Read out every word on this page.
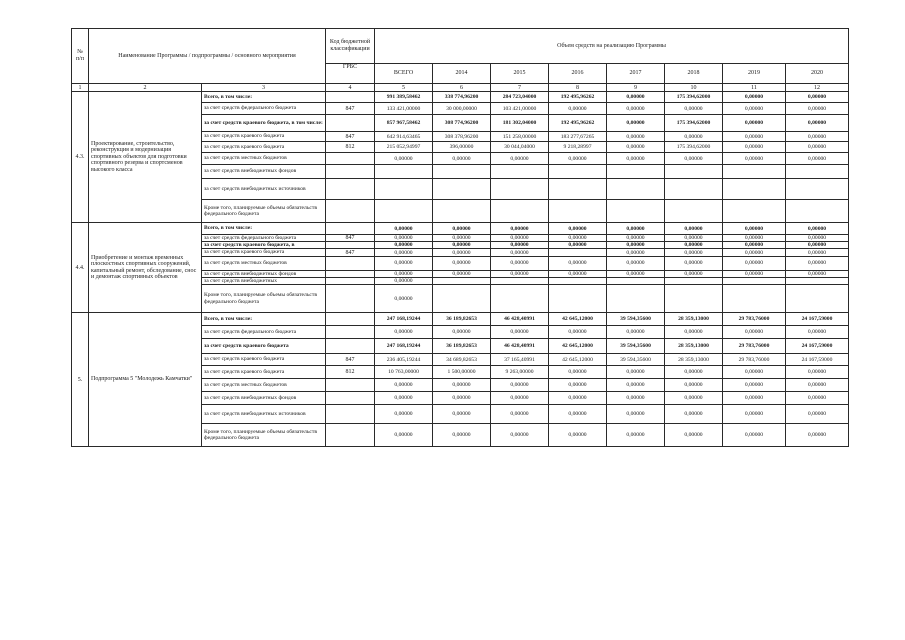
№
п/п	Наименование Программы / подпрограммы / основного мероприятия		Код бюджетной классификации	Объем средств на реализацию Программы							
			ГРБС	ВСЕГО	2014	2015	2016	2017	2018	2019	2020
1	2	3	4	5	6	7	8	9	10	11	12
4.3.	Проектирование, строительство, реконструкция и модернизация спортивных объектов для подготовки спортивного резерва и спортсменов высокого класса	Всего, в том числе:		991 389,58462	338 774,96200	284 723,04000	192 495,96262	0,00000	175 394,62000	0,00000	0,00000
		за счет средств федерального бюджета	847	133 421,00000	30 000,00000	103 421,00000	0,00000	0,00000	0,00000	0,00000	0,00000
		за счет средств краевого бюджета, в том числе:		857 967,58462	308 774,96200	181 302,04000	192 495,96262	0,00000	175 394,62000	0,00000	0,00000
		за счет средств краевого бюджета	847	642 914,63465	308 378,96200	151 258,00000	183 277,67265	0,00000	0,00000	0,00000	0,00000
		за счет средств краевого бюджета	812	215 052,94997	396,00000	30 044,04000	9 218,28997	0,00000	175 394,62000	0,00000	0,00000
		за счет средств местных бюджетов		0,00000	0,00000	0,00000	0,00000	0,00000	0,00000	0,00000	0,00000
		за счет средств внебюджетных фондов									
		за счет средств внебюджетных источников									
		Кроме того, планируемые объемы обязательств федерального бюджета									
4.4.	Приобретение и монтаж временных плоскостных спортивных сооружений, капитальный ремонт, обследование, снос и демонтаж спортивных объектов	Всего, в том числе:		0,00000	0,00000	0,00000	0,00000	0,00000	0,00000	0,00000	0,00000
		за счет средств федерального бюджета	847	0,00000	0,00000	0,00000	0,00000	0,00000	0,00000	0,00000	0,00000
		за счет средств краевого бюджета, в		0,00000	0,00000	0,00000	0,00000	0,00000	0,00000	0,00000	0,00000
		за счет средств краевого бюджета	847	0,00000	0,00000	0,00000		0,00000	0,00000	0,00000	0,00000
		за счет средств местных бюджетов		0,00000	0,00000	0,00000	0,00000	0,00000	0,00000	0,00000	0,00000
		за счет средств внебюджетных фондов		0,00000	0,00000	0,00000	0,00000	0,00000	0,00000	0,00000	0,00000
		за счет средств внебюджетных		0,00000							
		Кроме того, планируемые объемы обязательств федерального бюджета		0,00000							
5.	Подпрограмма 5 "Молодежь Камчатки"	Всего, в том числе:		247 168,19244	36 189,82653	46 428,40991	42 645,12000	39 594,35600	28 359,13000	29 783,76000	24 167,59000
		за счет средств федерального бюджета		0,00000	0,00000	0,00000	0,00000	0,00000	0,00000	0,00000	0,00000
		за счет средств краевого бюджета		247 168,19244	36 189,82653	46 428,40991	42 645,12000	39 594,35600	28 359,13000	29 783,76000	24 167,59000
		за счет средств краевого бюджета	847	236 405,19244	34 689,82653	37 165,40991	42 645,12000	39 594,35600	28 359,13000	29 783,76000	24 167,59000
		за счет средств краевого бюджета	812	10 763,00000	1 500,00000	9 263,00000	0,00000	0,00000	0,00000	0,00000	0,00000
		за счет средств местных бюджетов		0,00000	0,00000	0,00000	0,00000	0,00000	0,00000	0,00000	0,00000
		за счет средств внебюджетных фондов		0,00000	0,00000	0,00000	0,00000	0,00000	0,00000	0,00000	0,00000
		за счет средств внебюджетных источников		0,00000	0,00000	0,00000	0,00000	0,00000	0,00000	0,00000	0,00000
		Кроме того, планируемые объемы обязательств федерального бюджета		0,00000	0,00000	0,00000	0,00000	0,00000	0,00000	0,00000	0,00000
